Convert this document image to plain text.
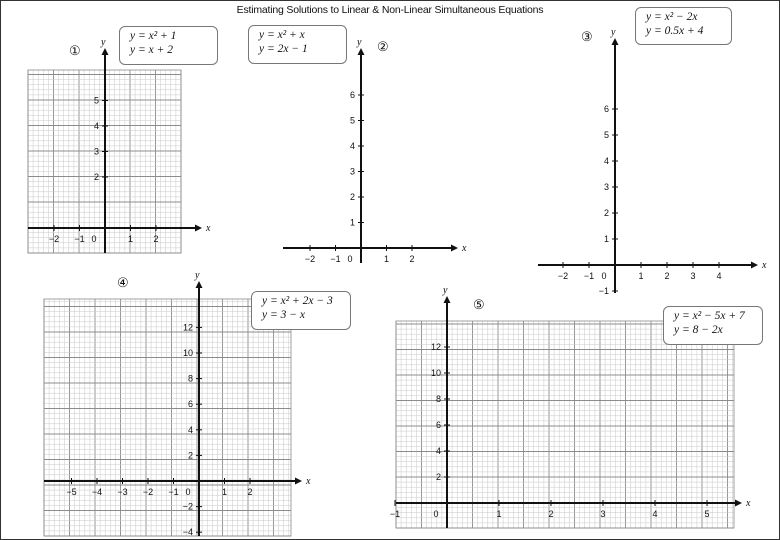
Estimating Solutions to Linear & Non-Linear Simultaneous Equations
x
y
−2 −1 0	1 2
2
3
4
5
x
y
−2 −1 0	1 2
1
2
3
4
5
6
x
y
−2 −1 0	1 2 3 4
−1
1
2
3
4
5
6
x
y
−5 −4 −3 −2 −1 0	1 2
−4
−2
2
4
6
8
10
12
x
y
−1	0	1	2	3	4	5
2
4
6
8
10
12
①	②
③
④
⑤
y = x² + 1
y = x + 2
y = x² + x
y = 2x − 1
y = x² − 2x
y = 0.5x + 4
y = x² + 2x − 3
y = 3 − x	y = x² − 5x + 7
y = 8 − 2x
